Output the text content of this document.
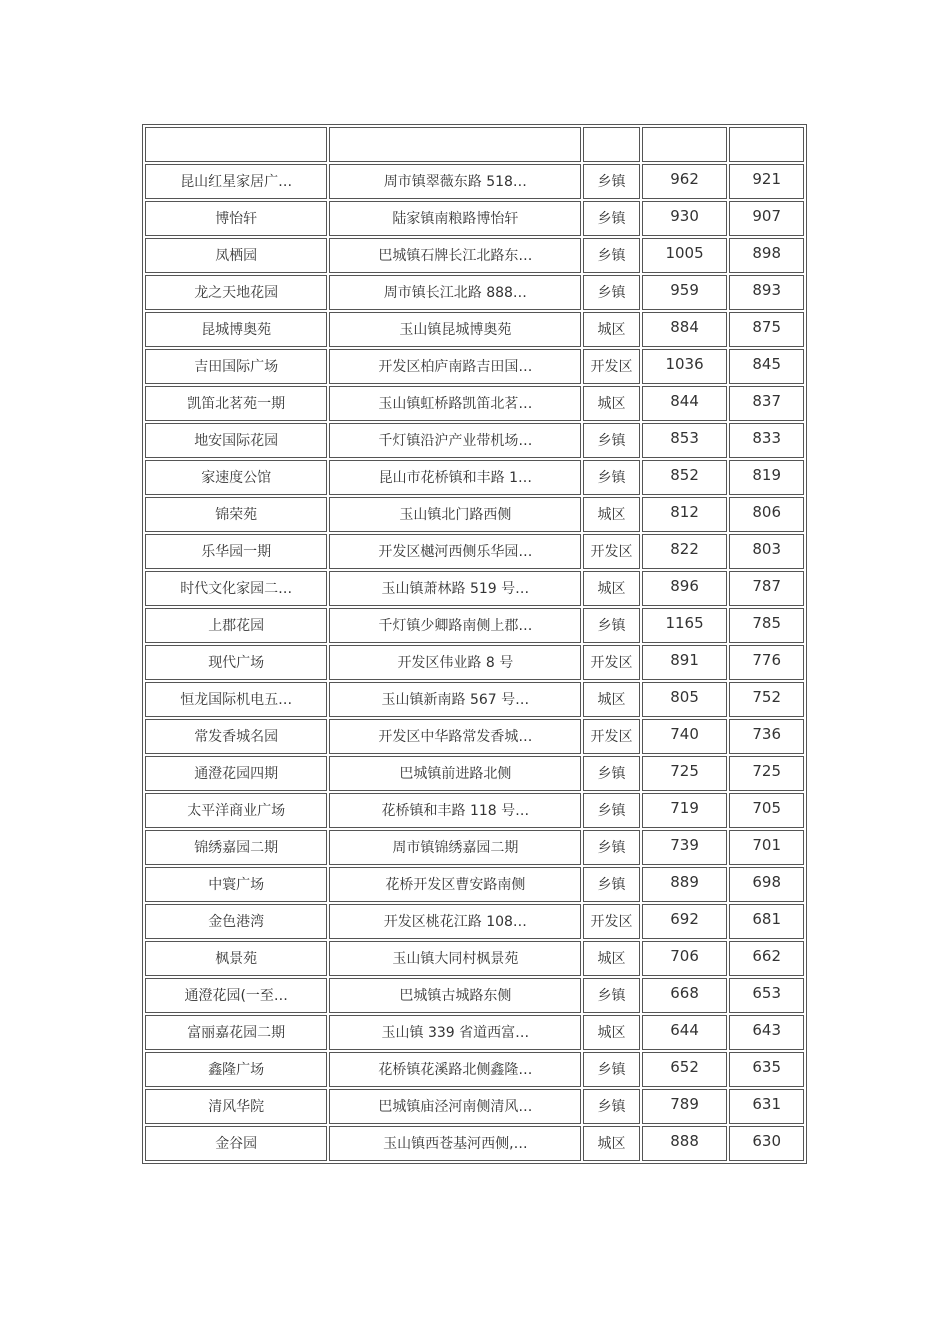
昆山红星家居广…	周市镇翠薇东路 518…	乡镇	962	921
博怡轩	陆家镇南粮路博怡轩	乡镇	930	907
凤栖园	巴城镇石牌长江北路东…	乡镇	1005	898
龙之天地花园	周市镇长江北路 888…	乡镇	959	893
昆城博奥苑	玉山镇昆城博奥苑	城区	884	875
吉田国际广场	开发区柏庐南路吉田国…	开发区	1036	845
凯笛北茗苑一期	玉山镇虹桥路凯笛北茗…	城区	844	837
地安国际花园	千灯镇沿沪产业带机场…	乡镇	853	833
家速度公馆	昆山市花桥镇和丰路 1…	乡镇	852	819
锦荣苑	玉山镇北门路西侧	城区	812	806
乐华园一期	开发区樾河西侧乐华园…	开发区	822	803
时代文化家园二…	玉山镇萧林路 519 号…	城区	896	787
上郡花园	千灯镇少卿路南侧上郡…	乡镇	1165	785
现代广场	开发区伟业路 8 号	开发区	891	776
恒龙国际机电五…	玉山镇新南路 567 号…	城区	805	752
常发香城名园	开发区中华路常发香城…	开发区	740	736
通澄花园四期	巴城镇前进路北侧	乡镇	725	725
太平洋商业广场	花桥镇和丰路 118 号…	乡镇	719	705
锦绣嘉园二期	周市镇锦绣嘉园二期	乡镇	739	701
中寰广场	花桥开发区曹安路南侧	乡镇	889	698
金色港湾	开发区桃花江路 108…	开发区	692	681
枫景苑	玉山镇大同村枫景苑	城区	706	662
通澄花园(一至…	巴城镇古城路东侧	乡镇	668	653
富丽嘉花园二期	玉山镇 339 省道西富…	城区	644	643
鑫隆广场	花桥镇花溪路北侧鑫隆…	乡镇	652	635
清风华院	巴城镇庙泾河南侧清风…	乡镇	789	631
金谷园	玉山镇西苍基河西侧,…	城区	888	630
